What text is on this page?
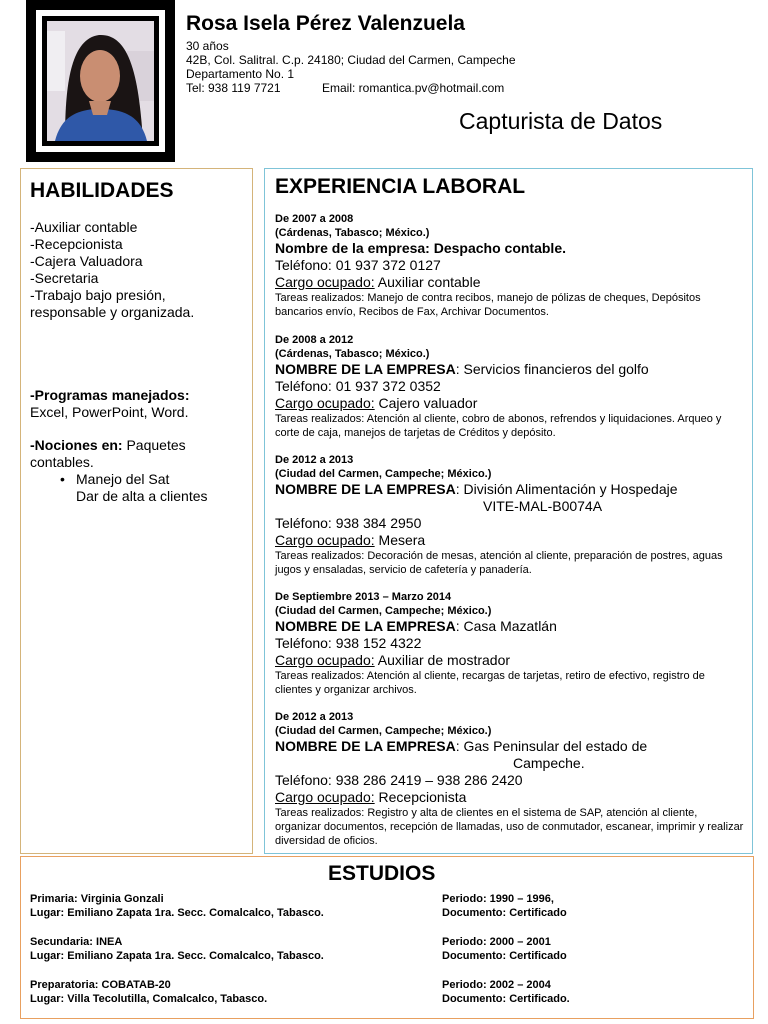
Rosa Isela Pérez Valenzuela
30 años
42B, Col. Salitral. C.p. 24180; Ciudad del Carmen, Campeche
Departamento No. 1
Tel: 938 119 7721	Email: romantica.pv@hotmail.com
Capturista de Datos
HABILIDADES
-Auxiliar contable
-Recepcionista
-Cajera Valuadora
-Secretaria
-Trabajo bajo presión, responsable y organizada.
-Programas manejados:
Excel, PowerPoint, Word.
-Nociones en: Paquetes contables.
• Manejo del Sat
Dar de alta a clientes
EXPERIENCIA LABORAL
De 2007 a 2008
(Cárdenas, Tabasco; México.)
Nombre de la empresa: Despacho contable.
Teléfono: 01 937 372 0127
Cargo ocupado: Auxiliar contable
Tareas realizados: Manejo de contra recibos, manejo de pólizas de cheques, Depósitos bancarios envío, Recibos de Fax, Archivar Documentos.
De 2008 a 2012
(Cárdenas, Tabasco; México.)
NOMBRE DE LA EMPRESA: Servicios financieros del golfo
Teléfono: 01 937 372 0352
Cargo ocupado: Cajero valuador
Tareas realizados: Atención al cliente, cobro de abonos, refrendos y liquidaciones. Arqueo y corte de caja, manejos de tarjetas de Créditos y depósito.
De 2012 a 2013
(Ciudad del Carmen, Campeche; México.)
NOMBRE DE LA EMPRESA: División Alimentación y Hospedaje
VITE-MAL-B0074A
Teléfono: 938 384 2950
Cargo ocupado: Mesera
Tareas realizados: Decoración de mesas, atención al cliente, preparación de postres, aguas jugos y ensaladas, servicio de cafetería y panadería.
De Septiembre 2013 – Marzo 2014
(Ciudad del Carmen, Campeche; México.)
NOMBRE DE LA EMPRESA: Casa Mazatlán
Teléfono: 938 152 4322
Cargo ocupado: Auxiliar de mostrador
Tareas realizados: Atención al cliente, recargas de tarjetas, retiro de efectivo, registro de clientes y organizar archivos.
De 2012 a 2013
(Ciudad del Carmen, Campeche; México.)
NOMBRE DE LA EMPRESA: Gas Peninsular del estado de
Campeche.
Teléfono: 938 286 2419 – 938 286 2420
Cargo ocupado: Recepcionista
Tareas realizados: Registro y alta de clientes en el sistema de SAP, atención al cliente, organizar documentos, recepción de llamadas, uso de conmutador, escanear, imprimir y realizar diversidad de oficios.
ESTUDIOS
Primaria: Virginia Gonzali
Lugar: Emiliano Zapata 1ra. Secc. Comalcalco, Tabasco.
Periodo: 1990 – 1996,
Documento: Certificado
Secundaria: INEA
Lugar: Emiliano Zapata 1ra. Secc. Comalcalco, Tabasco.
Periodo: 2000 – 2001
Documento: Certificado
Preparatoria: COBATAB-20
Lugar: Villa Tecolutilla, Comalcalco, Tabasco.
Periodo: 2002 – 2004
Documento: Certificado.
